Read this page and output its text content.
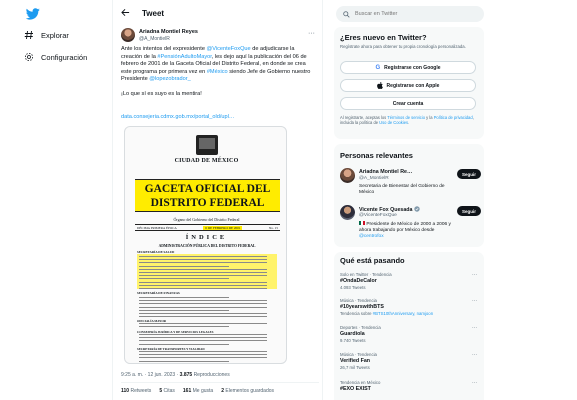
Explorar
Configuración
Tweet
Ariadna Montiel Reyes
@A_MontielR
···

Ante los intentos del expresidente @VicenteFoxQue de adjudicarse la creación de la #PensiónAdultoMayor, les dejo aquí la publicación del 06 de febrero de 2001 de la Gaceta Oficial del Distrito Federal, en donde se crea este programa por primera vez en #México siendo Jefe de Gobierno nuestro Presidente @lopezobrador_

¡Lo que sí es suyo es la mentira!

data.consejeria.cdmx.gob.mx/portal_old/upl…
9:25 a. m. · 12 jun. 2023 · 3.875 Reproducciones
110 Retweets 5 Citas 161 Me gusta 2 Elementos guardados
CIUDAD DE MÉXICO
GACETA OFICIAL DEL
DISTRITO FEDERAL
Órgano del Gobierno del Distrito Federal
DÉCIMA PRIMERA ÉPOCA	6 DE FEBRERO DE 2001	No. 15
ÍNDICE
ADMINISTRACIÓN PÚBLICA DEL DISTRITO FEDERAL
SECRETARÍA DE SALUD
SECRETARÍA DE FINANZAS
OFICIALÍA MAYOR
CONSEJERÍA JURÍDICA Y DE SERVICIOS LEGALES
SECRETARÍA DE TRANSPORTES Y VIALIDAD
Buscar en Twitter
¿Eres nuevo en Twitter?
Regístrate ahora para obtener tu propia cronología personalizada.
G Registrarse con Google
Registrarse con Apple
Crear cuenta
Al registrarte, aceptas los Términos de servicio y la Política de privacidad, incluida la política de Uso de Cookies.
Personas relevantes
Ariadna Montiel Re…
@A_MontielR
Seguir
Secretaria de Bienestar del Gobierno de México
Vicente Fox Quesada
@VicenteFoxQue
Seguir
Presidente de México de 2000 a 2006 y ahora trabajando por México desde @centrofox
Qué está pasando
Solo en Twitter · Tendencia	···
#OndaDeCalor
4.093 Tweets
Música · Tendencia	···
#10yearswithBTS
Tendencia sobre #BTS10thAnniversary, namjoon
Deportes · Tendencia	···
Guardiola
9.740 Tweets
Música · Tendencia	···
Verified Fan
26,7 mil Tweets
Tendencia en México	···
#EXO EXIST
